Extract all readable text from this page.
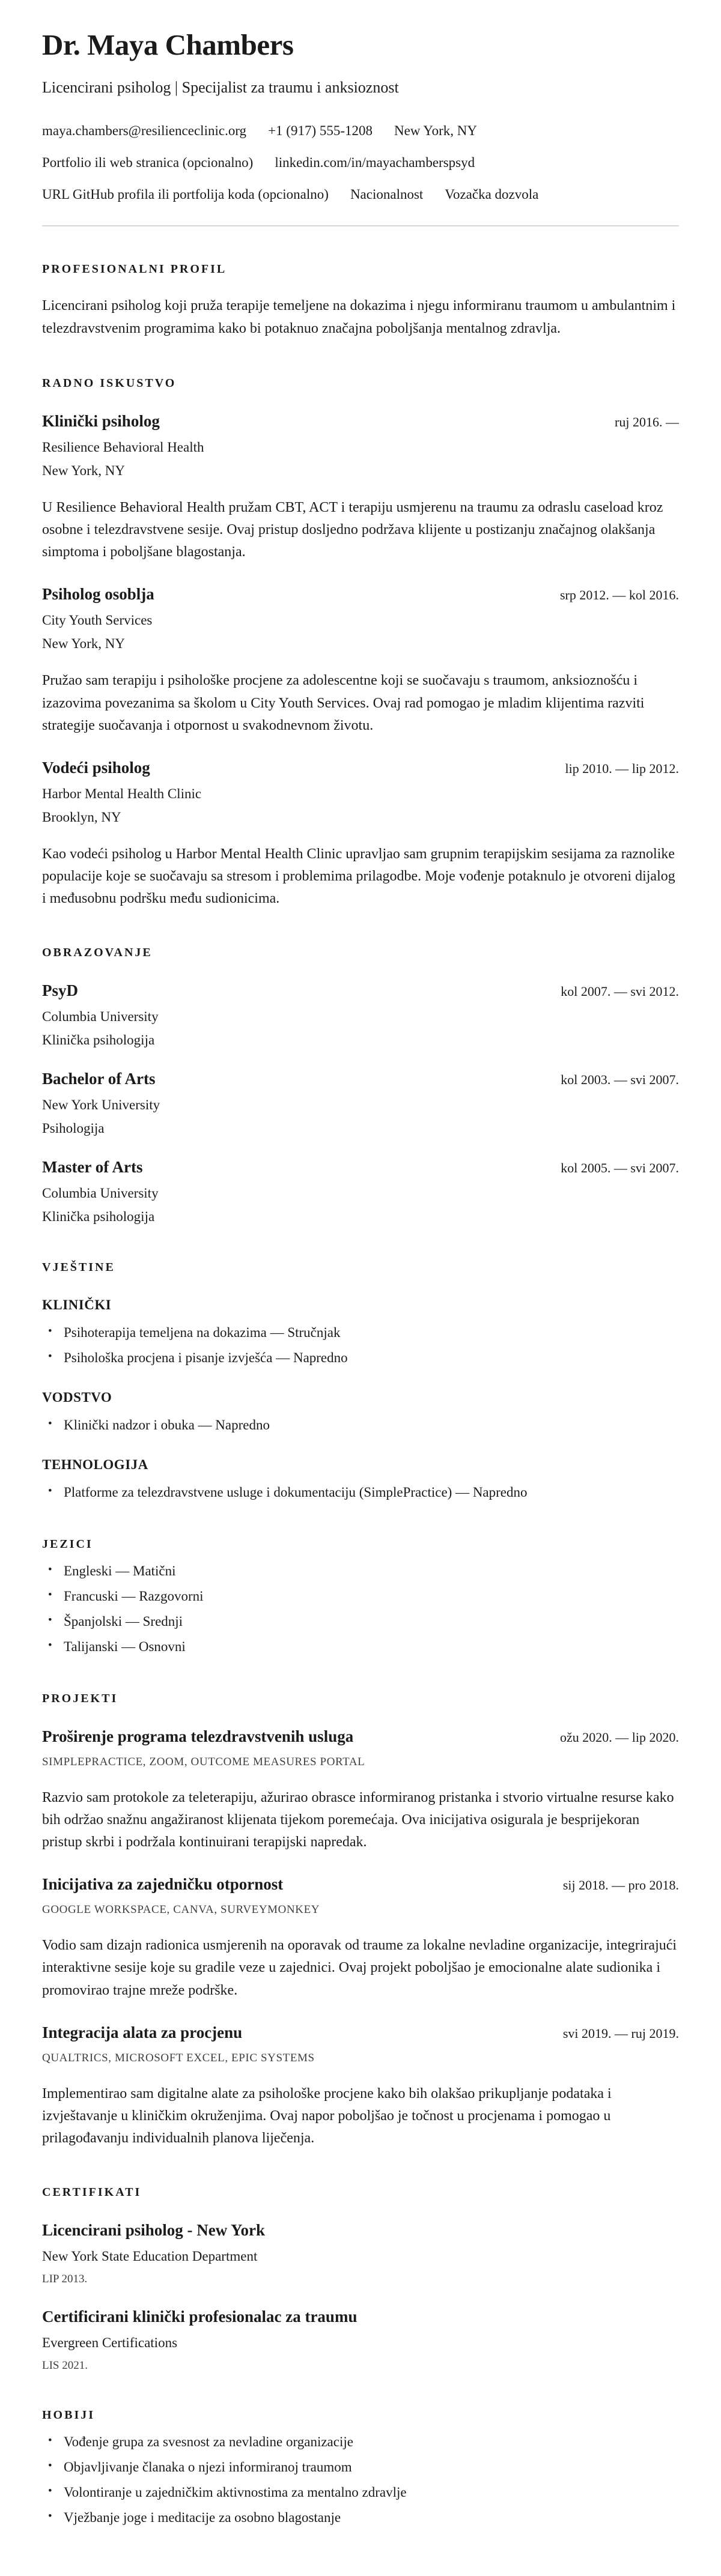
Dr. Maya Chambers
Licencirani psiholog | Specijalist za traumu i anksioznost
maya.chambers@resilienceclinic.org +1 (917) 555-1208 New York, NY
Portfolio ili web stranica (opcionalno) linkedin.com/in/mayachamberspsyd
URL GitHub profila ili portfolija koda (opcionalno) Nacionalnost Vozačka dozvola
PROFESIONALNI PROFIL

Licencirani psiholog koji pruža terapije temeljene na dokazima i njegu informiranu traumom u ambulantnim i telezdravstvenim programima kako bi potaknuo značajna poboljšanja mentalnog zdravlja.

RADNO ISKUSTVO
Klinički psiholog	ruj 2016. —
Resilience Behavioral Health
New York, NY

U Resilience Behavioral Health pružam CBT, ACT i terapiju usmjerenu na traumu za odraslu caseload kroz osobne i telezdravstvene sesije. Ovaj pristup dosljedno podržava klijente u postizanju značajnog olakšanja simptoma i poboljšane blagostanja.

Psiholog osoblja	srp 2012. — kol 2016.
City Youth Services
New York, NY

Pružao sam terapiju i psihološke procjene za adolescentne koji se suočavaju s traumom, anksioznošću i izazovima povezanima sa školom u City Youth Services. Ovaj rad pomogao je mladim klijentima razviti strategije suočavanja i otpornost u svakodnevnom životu.

Vodeći psiholog	lip 2010. — lip 2012.
Harbor Mental Health Clinic
Brooklyn, NY

Kao vodeći psiholog u Harbor Mental Health Clinic upravljao sam grupnim terapijskim sesijama za raznolike populacije koje se suočavaju sa stresom i problemima prilagodbe. Moje vođenje potaknulo je otvoreni dijalog i međusobnu podršku među sudionicima.

OBRAZOVANJE
PsyD	kol 2007. — svi 2012.
Columbia University
Klinička psihologija
Bachelor of Arts	kol 2003. — svi 2007.
New York University
Psihologija
Master of Arts	kol 2005. — svi 2007.
Columbia University
Klinička psihologija
VJEŠTINE
KLINIČKI
• Psihoterapija temeljena na dokazima — Stručnjak
• Psihološka procjena i pisanje izvješća — Napredno
VODSTVO
• Klinički nadzor i obuka — Napredno
TEHNOLOGIJA
• Platforme za telezdravstvene usluge i dokumentaciju (SimplePractice) — Napredno
JEZICI
• Engleski — Matični
• Francuski — Razgovorni
• Španjolski — Srednji
• Talijanski — Osnovni
PROJEKTI
Proširenje programa telezdravstvenih usluga	ožu 2020. — lip 2020.
SIMPLEPRACTICE, ZOOM, OUTCOME MEASURES PORTAL

Razvio sam protokole za teleterapiju, ažurirao obrasce informiranog pristanka i stvorio virtualne resurse kako bih održao snažnu angažiranost klijenata tijekom poremećaja. Ova inicijativa osigurala je besprijekoran pristup skrbi i podržala kontinuirani terapijski napredak.

Inicijativa za zajedničku otpornost	sij 2018. — pro 2018.
GOOGLE WORKSPACE, CANVA, SURVEYMONKEY

Vodio sam dizajn radionica usmjerenih na oporavak od traume za lokalne nevladine organizacije, integrirajući interaktivne sesije koje su gradile veze u zajednici. Ovaj projekt poboljšao je emocionalne alate sudionika i promovirao trajne mreže podrške.

Integracija alata za procjenu	svi 2019. — ruj 2019.
QUALTRICS, MICROSOFT EXCEL, EPIC SYSTEMS

Implementirao sam digitalne alate za psihološke procjene kako bih olakšao prikupljanje podataka i izvještavanje u kliničkim okruženjima. Ovaj napor poboljšao je točnost u procjenama i pomogao u prilagođavanju individualnih planova liječenja.

CERTIFIKATI
Licencirani psiholog - New York
New York State Education Department
LIP 2013.
Certificirani klinički profesionalac za traumu
Evergreen Certifications
LIS 2021.
HOBIJI
• Vođenje grupa za svesnost za nevladine organizacije
• Objavljivanje članaka o njezi informiranoj traumom
• Volontiranje u zajedničkim aktivnostima za mentalno zdravlje
• Vježbanje joge i meditacije za osobno blagostanje
